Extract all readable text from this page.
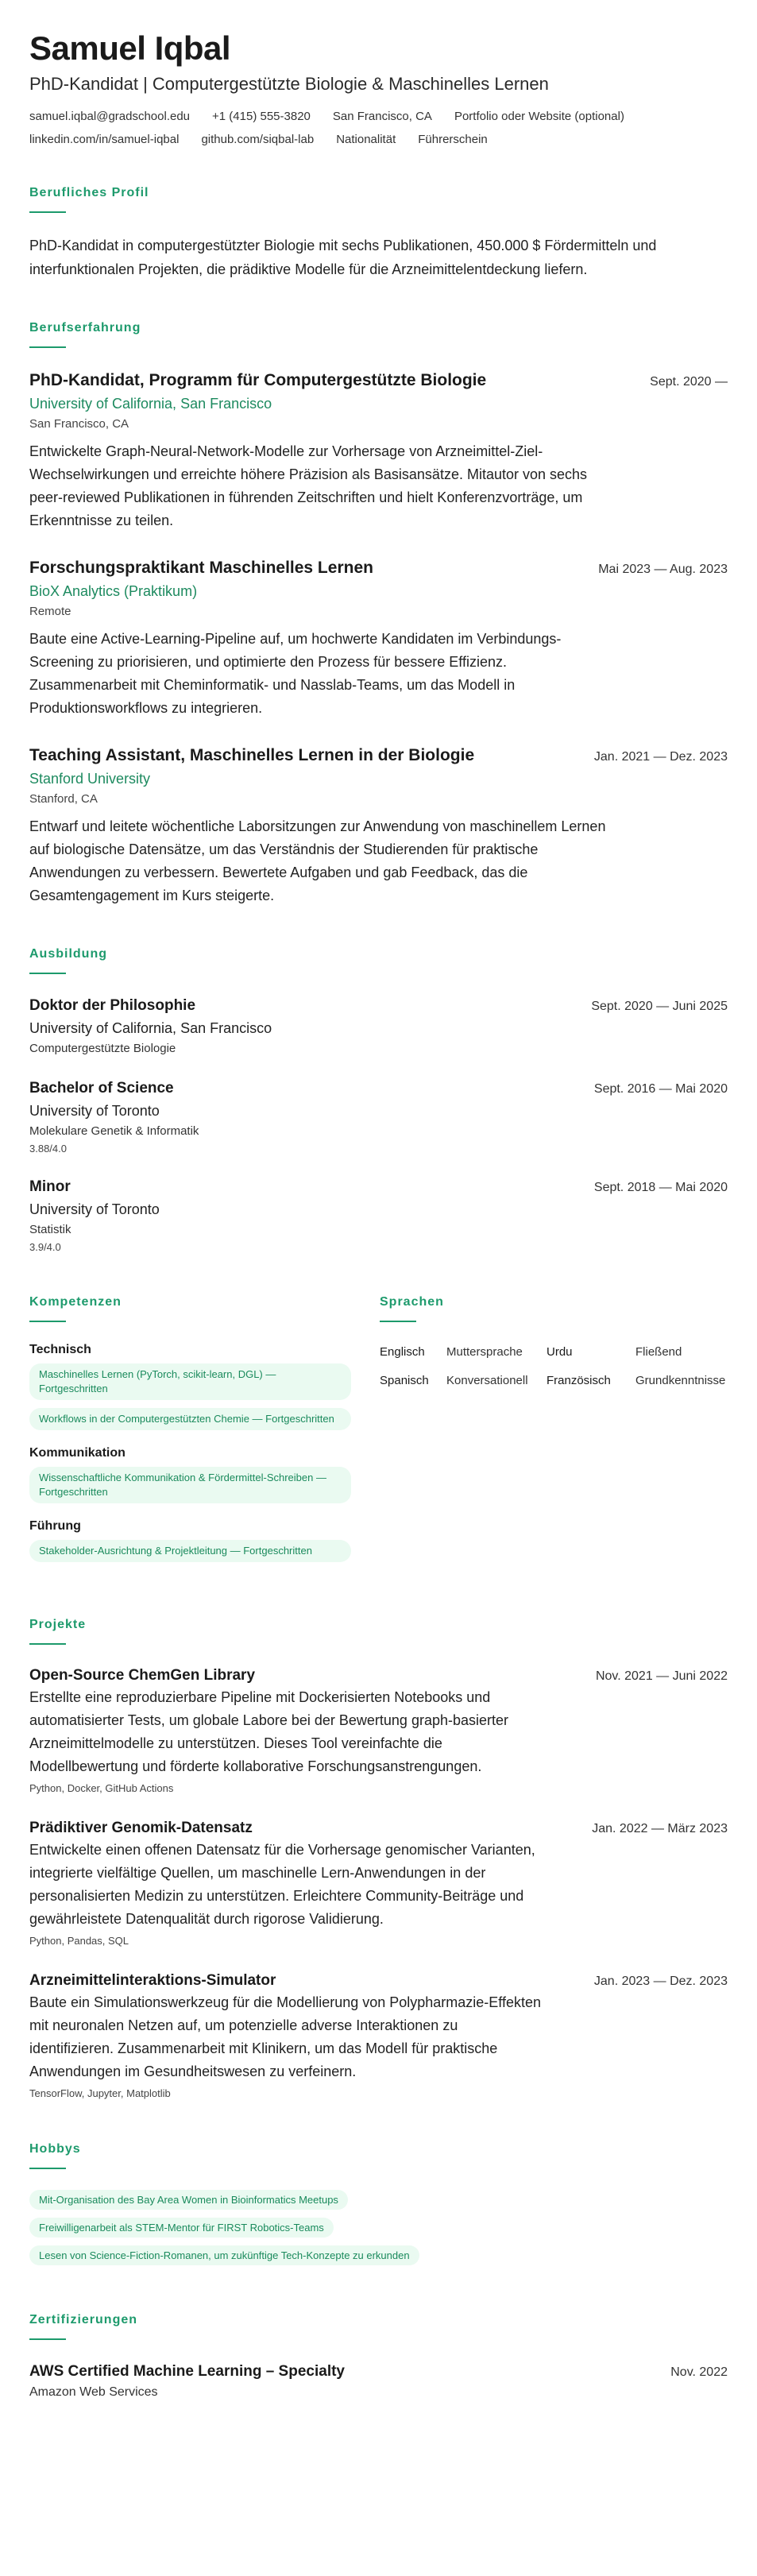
Samuel Iqbal
PhD-Kandidat | Computergestützte Biologie & Maschinelles Lernen
samuel.iqbal@gradschool.edu +1 (415) 555-3820 San Francisco, CA Portfolio oder Website (optional)
linkedin.com/in/samuel-iqbal github.com/siqbal-lab Nationalität Führerschein
Berufliches Profil

PhD-Kandidat in computergestützter Biologie mit sechs Publikationen, 450.000 $ Fördermitteln und interfunktionalen Projekten, die prädiktive Modelle für die Arzneimittelentdeckung liefern.

Berufserfahrung
PhD-Kandidat, Programm für Computergestützte Biologie	Sept. 2020 —
University of California, San Francisco
San Francisco, CA

Entwickelte Graph-Neural-Network-Modelle zur Vorhersage von Arzneimittel-Ziel-Wechselwirkungen und erreichte höhere Präzision als Basisansätze. Mitautor von sechs peer-reviewed Publikationen in führenden Zeitschriften und hielt Konferenzvorträge, um Erkenntnisse zu teilen.

Forschungspraktikant Maschinelles Lernen	Mai 2023 — Aug. 2023
BioX Analytics (Praktikum)
Remote

Baute eine Active-Learning-Pipeline auf, um hochwerte Kandidaten im Verbindungs-Screening zu priorisieren, und optimierte den Prozess für bessere Effizienz. Zusammenarbeit mit Cheminformatik- und Nasslab-Teams, um das Modell in Produktionsworkflows zu integrieren.

Teaching Assistant, Maschinelles Lernen in der Biologie	Jan. 2021 — Dez. 2023
Stanford University
Stanford, CA

Entwarf und leitete wöchentliche Laborsitzungen zur Anwendung von maschinellem Lernen auf biologische Datensätze, um das Verständnis der Studierenden für praktische Anwendungen zu verbessern. Bewertete Aufgaben und gab Feedback, das die Gesamtengagement im Kurs steigerte.

Ausbildung
Doktor der Philosophie	Sept. 2020 — Juni 2025
University of California, San Francisco
Computergestützte Biologie
Bachelor of Science	Sept. 2016 — Mai 2020
University of Toronto
Molekulare Genetik & Informatik
3.88/4.0
Minor	Sept. 2018 — Mai 2020
University of Toronto
Statistik
3.9/4.0
Kompetenzen
Technisch
Maschinelles Lernen (PyTorch, scikit-learn, DGL) — Fortgeschritten
Workflows in der Computergestützten Chemie — Fortgeschritten
Kommunikation
Wissenschaftliche Kommunikation & Fördermittel-Schreiben — Fortgeschritten
Führung
Stakeholder-Ausrichtung & Projektleitung — Fortgeschritten
Sprachen
Englisch	Muttersprache	Urdu	Fließend
Spanisch	Konversationell	Französisch	Grundkenntnisse
Projekte
Open-Source ChemGen Library	Nov. 2021 — Juni 2022

Erstellte eine reproduzierbare Pipeline mit Dockerisierten Notebooks und automatisierter Tests, um globale Labore bei der Bewertung graph-basierter Arzneimittelmodelle zu unterstützen. Dieses Tool vereinfachte die Modellbewertung und förderte kollaborative Forschungsanstrengungen.

Python, Docker, GitHub Actions
Prädiktiver Genomik-Datensatz	Jan. 2022 — März 2023

Entwickelte einen offenen Datensatz für die Vorhersage genomischer Varianten, integrierte vielfältige Quellen, um maschinelle Lern-Anwendungen in der personalisierten Medizin zu unterstützen. Erleichtere Community-Beiträge und gewährleistete Datenqualität durch rigorose Validierung.

Python, Pandas, SQL
Arzneimittelinteraktions-Simulator	Jan. 2023 — Dez. 2023

Baute ein Simulationswerkzeug für die Modellierung von Polypharmazie-Effekten mit neuronalen Netzen auf, um potenzielle adverse Interaktionen zu identifizieren. Zusammenarbeit mit Klinikern, um das Modell für praktische Anwendungen im Gesundheitswesen zu verfeinern.

TensorFlow, Jupyter, Matplotlib
Hobbys
Mit-Organisation des Bay Area Women in Bioinformatics Meetups
Freiwilligenarbeit als STEM-Mentor für FIRST Robotics-Teams
Lesen von Science-Fiction-Romanen, um zukünftige Tech-Konzepte zu erkunden
Zertifizierungen
AWS Certified Machine Learning – Specialty	Nov. 2022
Amazon Web Services
